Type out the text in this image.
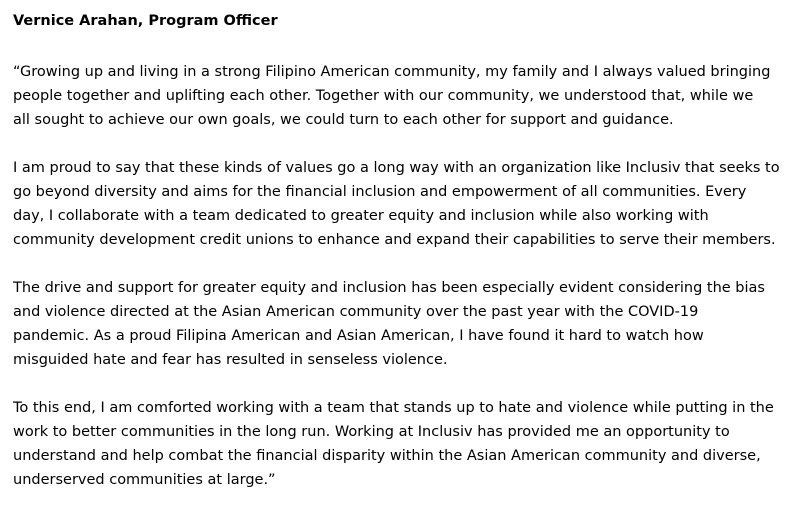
Vernice Arahan, Program Officer
“Growing up and living in a strong Filipino American community, my family and I always valued bringing
people together and uplifting each other. Together with our community, we understood that, while we
all sought to achieve our own goals, we could turn to each other for support and guidance.
I am proud to say that these kinds of values go a long way with an organization like Inclusiv that seeks to
go beyond diversity and aims for the financial inclusion and empowerment of all communities. Every
day, I collaborate with a team dedicated to greater equity and inclusion while also working with
community development credit unions to enhance and expand their capabilities to serve their members.
The drive and support for greater equity and inclusion has been especially evident considering the bias
and violence directed at the Asian American community over the past year with the COVID-19
pandemic. As a proud Filipina American and Asian American, I have found it hard to watch how
misguided hate and fear has resulted in senseless violence.
To this end, I am comforted working with a team that stands up to hate and violence while putting in the
work to better communities in the long run. Working at Inclusiv has provided me an opportunity to
understand and help combat the financial disparity within the Asian American community and diverse,
underserved communities at large.”
